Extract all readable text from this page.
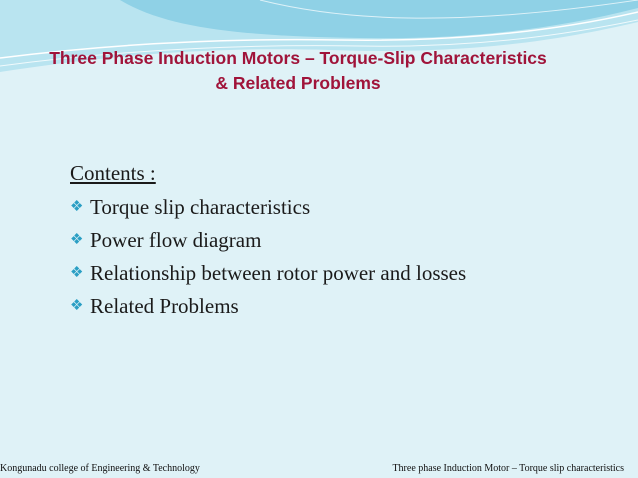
Three Phase Induction Motors – Torque-Slip Characteristics
& Related Problems
Contents :
❖ Torque slip characteristics
❖ Power flow diagram
❖ Relationship between rotor power and losses
❖ Related Problems
Kongunadu college of Engineering & Technology	Three phase Induction Motor – Torque slip characteristics
